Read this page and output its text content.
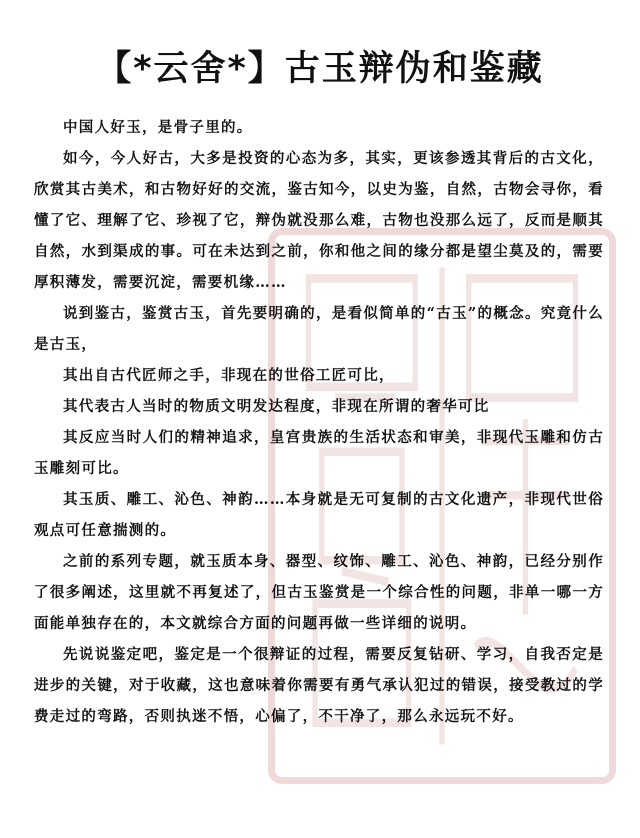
【*云舍*】古玉辩伪和鉴藏

中国人好玉，是骨子里的。

如今，今人好古，大多是投资的心态为多，其实，更该参透其背后的古文化，欣赏其古美术，和古物好好的交流，鉴古知今，以史为鉴，自然，古物会寻你，看懂了它、理解了它、珍视了它，辩伪就没那么难，古物也没那么远了，反而是顺其自然，水到渠成的事。可在未达到之前，你和他之间的缘分都是望尘莫及的，需要厚积薄发，需要沉淀，需要机缘……

说到鉴古，鉴赏古玉，首先要明确的，是看似简单的“古玉”的概念。究竟什么是古玉，

其出自古代匠师之手，非现在的世俗工匠可比，

其代表古人当时的物质文明发达程度，非现在所谓的奢华可比

其反应当时人们的精神追求，皇宫贵族的生活状态和审美，非现代玉雕和仿古玉雕刻可比。

其玉质、雕工、沁色、神韵……本身就是无可复制的古文化遗产，非现代世俗观点可任意揣测的。

之前的系列专题，就玉质本身、器型、纹饰、雕工、沁色、神韵，已经分别作了很多阐述，这里就不再复述了，但古玉鉴赏是一个综合性的问题，非单一哪一方面能单独存在的，本文就综合方面的问题再做一些详细的说明。

先说说鉴定吧，鉴定是一个很辩证的过程，需要反复钻研、学习，自我否定是进步的关键，对于收藏，这也意味着你需要有勇气承认犯过的错误，接受教过的学费走过的弯路，否则执迷不悟，心偏了，不干净了，那么永远玩不好。
